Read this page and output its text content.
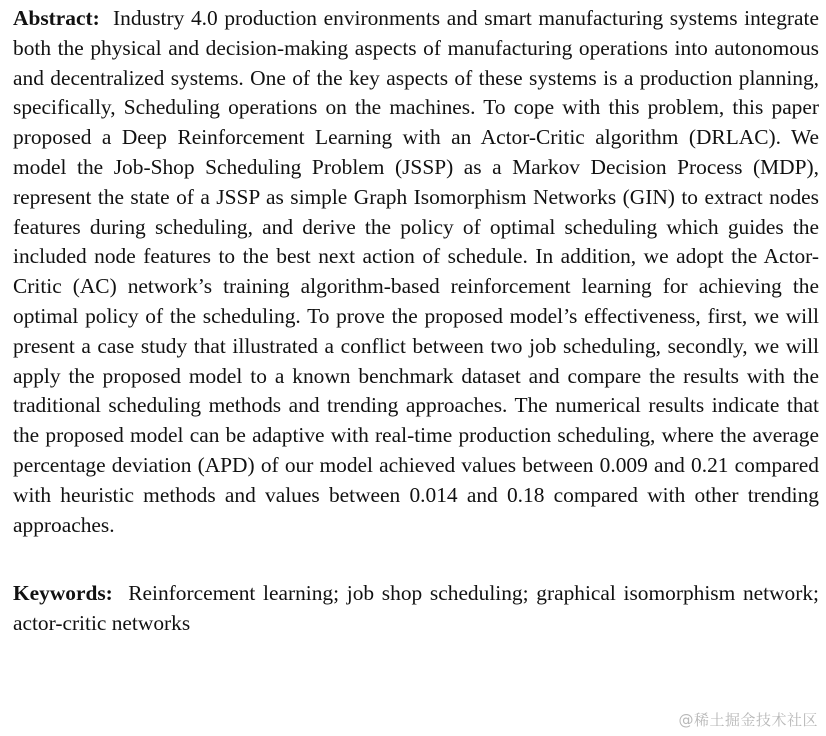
Abstract: Industry 4.0 production environments and smart manufacturing systems integrate both the physical and decision-making aspects of manufacturing operations into autonomous and decentralized systems. One of the key aspects of these systems is a production planning, specifically, Scheduling operations on the machines. To cope with this problem, this paper proposed a Deep Reinforcement Learning with an Actor-Critic algorithm (DRLAC). We model the Job-Shop Scheduling Problem (JSSP) as a Markov Decision Process (MDP), represent the state of a JSSP as simple Graph Isomorphism Networks (GIN) to extract nodes features during scheduling, and derive the policy of optimal scheduling which guides the included node features to the best next action of schedule. In addition, we adopt the Actor-Critic (AC) network’s training algorithm-based reinforcement learning for achieving the optimal policy of the scheduling. To prove the proposed model’s effectiveness, first, we will present a case study that illustrated a conflict between two job scheduling, secondly, we will apply the proposed model to a known benchmark dataset and compare the results with the traditional scheduling methods and trending approaches. The numerical results indicate that the proposed model can be adaptive with real-time production scheduling, where the average percentage deviation (APD) of our model achieved values between 0.009 and 0.21 compared with heuristic methods and values between 0.014 and 0.18 compared with other trending approaches.

Keywords: Reinforcement learning; job shop scheduling; graphical isomorphism network; actor-critic networks

@稀土掘金技术社区
